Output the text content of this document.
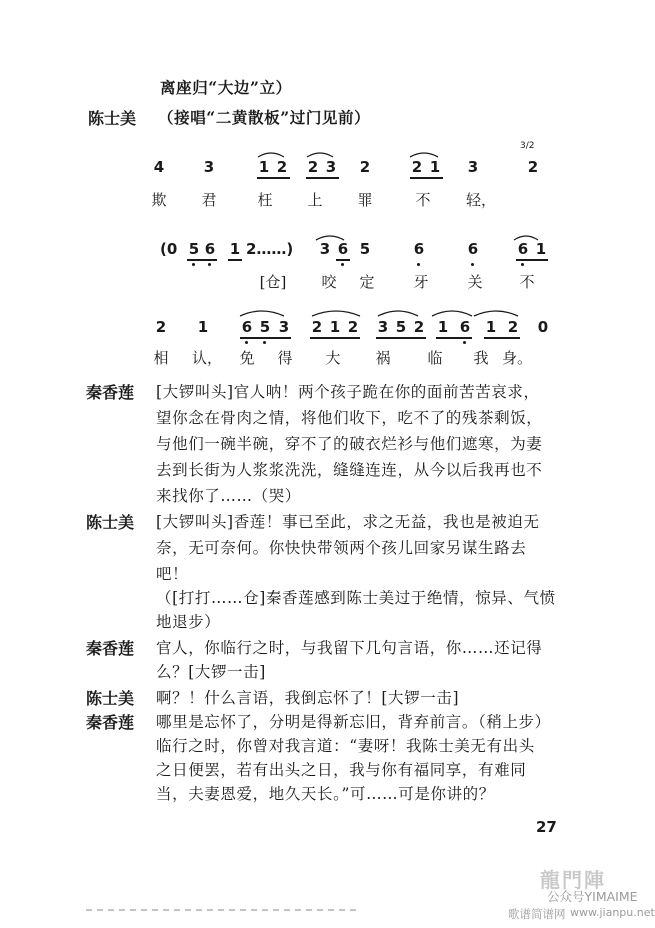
离座归“大边”立）
陈士美 （接唱“二黄散板”过门见前）
4	3	1 2 2 3 2	2 1 3	2
3/2
欺 君	枉 上 罪	不 轻，
(0 5 6 1 2……) 3 6 5	6	6	6 1
[仓]	咬 定	牙	关 不
2 1 6 5 3 2 1 2 3 5 2 1 6 1 2 0
相 认， 免 得 大 祸 临 我 身。
秦香莲 [大锣叫头]官人呐！两个孩子跪在你的面前苦苦哀求，
望你念在骨肉之情，将他们收下，吃不了的残茶剩饭，
与他们一碗半碗，穿不了的破衣烂衫与他们遮寒，为妻
去到长街为人浆浆洗洗，缝缝连连，从今以后我再也不
来找你了……（哭）
陈士美 [大锣叫头]香莲！事已至此，求之无益，我也是被迫无
奈，无可奈何。你快快带领两个孩儿回家另谋生路去
吧！
（[打打……仓]秦香莲感到陈士美过于绝情，惊异、气愤
地退步）
秦香莲 官人，你临行之时，与我留下几句言语，你……还记得
么？[大锣一击]
陈士美 啊？！什么言语，我倒忘怀了！[大锣一击]
秦香莲 哪里是忘怀了，分明是得新忘旧，背弃前言。（稍上步）
临行之时，你曾对我言道：“妻呀！我陈士美无有出头
之日便罢，若有出头之日，我与你有福同享，有难同
当，夫妻恩爱，地久天长。”可……可是你讲的？
27
龍門陣
公众号YIMAIME
歌谱简谱网 www.jianpu.net
